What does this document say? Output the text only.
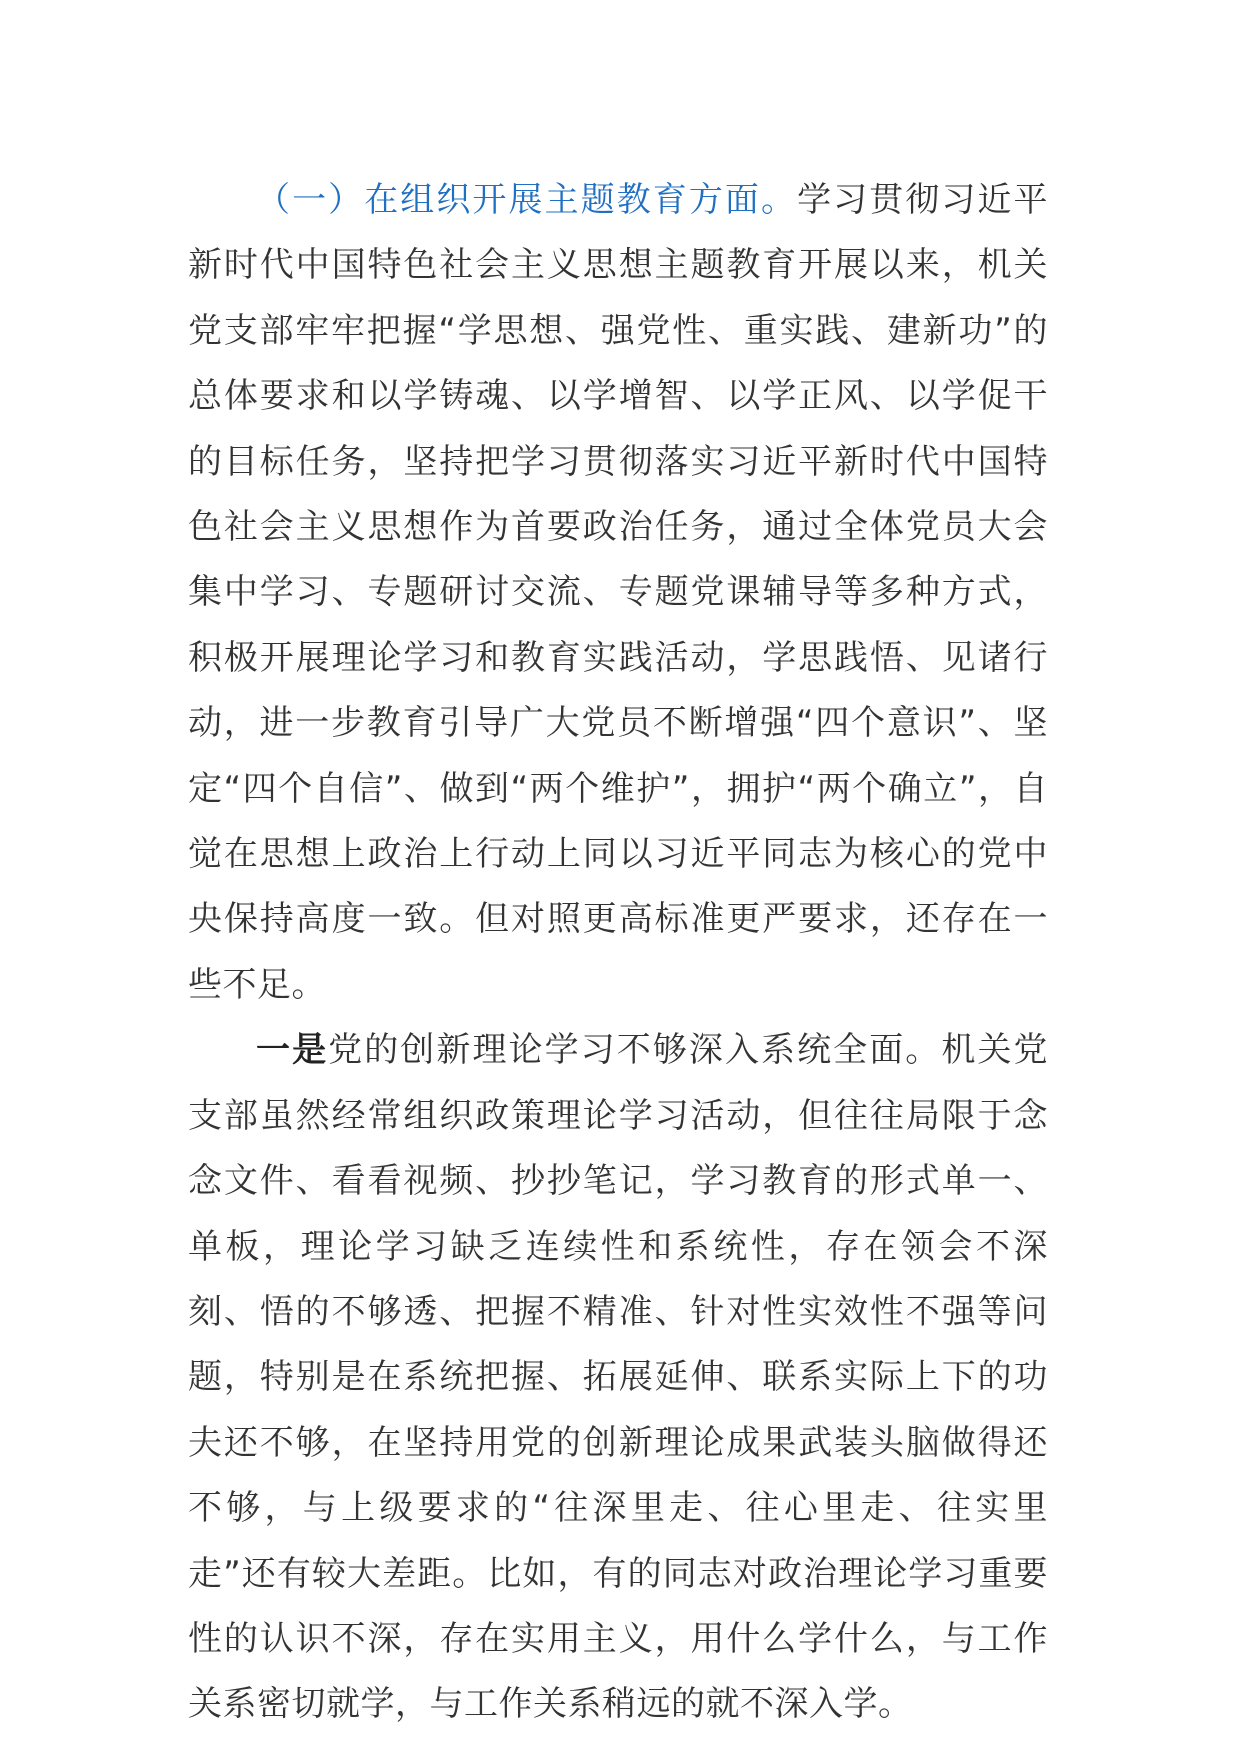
（一）在组织开展主题教育方面。学习贯彻习近平新时代中国特色社会主义思想主题教育开展以来，机关党支部牢牢把握“学思想、强党性、重实践、建新功”的总体要求和以学铸魂、以学增智、以学正风、以学促干的目标任务，坚持把学习贯彻落实习近平新时代中国特色社会主义思想作为首要政治任务，通过全体党员大会集中学习、专题研讨交流、专题党课辅导等多种方式，积极开展理论学习和教育实践活动，学思践悟、见诸行动，进一步教育引导广大党员不断增强“四个意识”、坚定“四个自信”、做到“两个维护”，拥护“两个确立”，自觉在思想上政治上行动上同以习近平同志为核心的党中央保持高度一致。但对照更高标准更严要求，还存在一些不足。

一是党的创新理论学习不够深入系统全面。机关党支部虽然经常组织政策理论学习活动，但往往局限于念念文件、看看视频、抄抄笔记，学习教育的形式单一、单板，理论学习缺乏连续性和系统性，存在领会不深刻、悟的不够透、把握不精准、针对性实效性不强等问题，特别是在系统把握、拓展延伸、联系实际上下的功夫还不够，在坚持用党的创新理论成果武装头脑做得还不够，与上级要求的“往深里走、往心里走、往实里走”还有较大差距。比如，有的同志对政治理论学习重要性的认识不深，存在实用主义，用什么学什么，与工作关系密切就学，与工作关系稍远的就不深入学。
